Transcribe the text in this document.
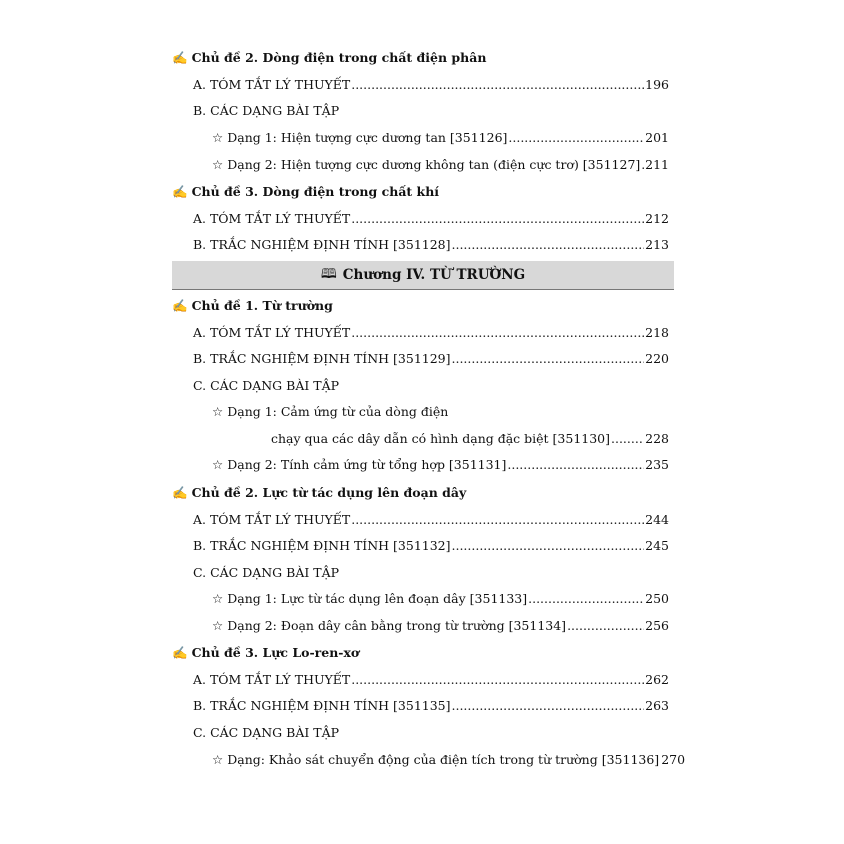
✍ Chủ đề 2. Dòng điện trong chất điện phân
A. TÓM TẮT LÝ THUYẾT .....	196
B. CÁC DẠNG BÀI TẬP
☆ Dạng 1: Hiện tượng cực dương tan [351126] .....	201
☆ Dạng 2: Hiện tượng cực dương không tan (điện cực trơ) [351127] ..... 211
✍ Chủ đề 3. Dòng điện trong chất khí
A. TÓM TẮT LÝ THUYẾT .....	212
B. TRẮC NGHIỆM ĐỊNH TÍNH [351128] .....	213
🕮 Chương IV. TỪ TRƯỜNG
✍ Chủ đề 1. Từ trường
A. TÓM TẮT LÝ THUYẾT .....	218
B. TRẮC NGHIỆM ĐỊNH TÍNH [351129] .....	220
C. CÁC DẠNG BÀI TẬP
☆ Dạng 1: Cảm ứng từ của dòng điện
chạy qua các dây dẫn có hình dạng đặc biệt [351130] .....	228
☆ Dạng 2: Tính cảm ứng từ tổng hợp [351131] .....	235
✍ Chủ đề 2. Lực từ tác dụng lên đoạn dây
A. TÓM TẮT LÝ THUYẾT .....	244
B. TRẮC NGHIỆM ĐỊNH TÍNH [351132] .....	245
C. CÁC DẠNG BÀI TẬP
☆ Dạng 1: Lực từ tác dụng lên đoạn dây [351133] .....	250
☆ Dạng 2: Đoạn dây cân bằng trong từ trường [351134] .....	256
✍ Chủ đề 3. Lực Lo-ren-xơ
A. TÓM TẮT LÝ THUYẾT .....	262
B. TRẮC NGHIỆM ĐỊNH TÍNH [351135] .....	263
C. CÁC DẠNG BÀI TẬP
☆ Dạng: Khảo sát chuyển động của điện tích trong từ trường [351136] 270
